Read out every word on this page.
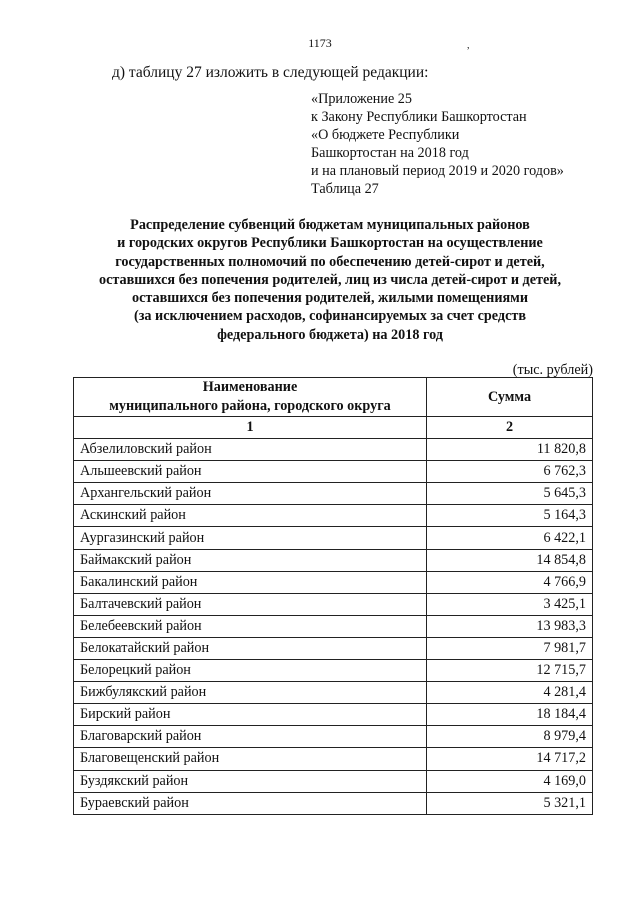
1173	,
д) таблицу 27 изложить в следующей редакции:
«Приложение 25
к Закону Республики Башкортостан
«О бюджете Республики
Башкортостан на 2018 год
и на плановый период 2019 и 2020 годов»
Таблица 27
Распределение субвенций бюджетам муниципальных районов
и городских округов Республики Башкортостан на осуществление
государственных полномочий по обеспечению детей-сирот и детей,
оставшихся без попечения родителей, лиц из числа детей-сирот и детей,
оставшихся без попечения родителей, жилыми помещениями
(за исключением расходов, софинансируемых за счет средств
федерального бюджета) на 2018 год
(тыс. рублей)
Наименование
муниципального района, городского округа	Сумма
1	2
Абзелиловский район	11 820,8
Альшеевский район	6 762,3
Архангельский район	5 645,3
Аскинский район	5 164,3
Аургазинский район	6 422,1
Баймакский район	14 854,8
Бакалинский район	4 766,9
Балтачевский район	3 425,1
Белебеевский район	13 983,3
Белокатайский район	7 981,7
Белорецкий район	12 715,7
Бижбулякский район	4 281,4
Бирский район	18 184,4
Благоварский район	8 979,4
Благовещенский район	14 717,2
Буздякский район	4 169,0
Бураевский район	5 321,1
